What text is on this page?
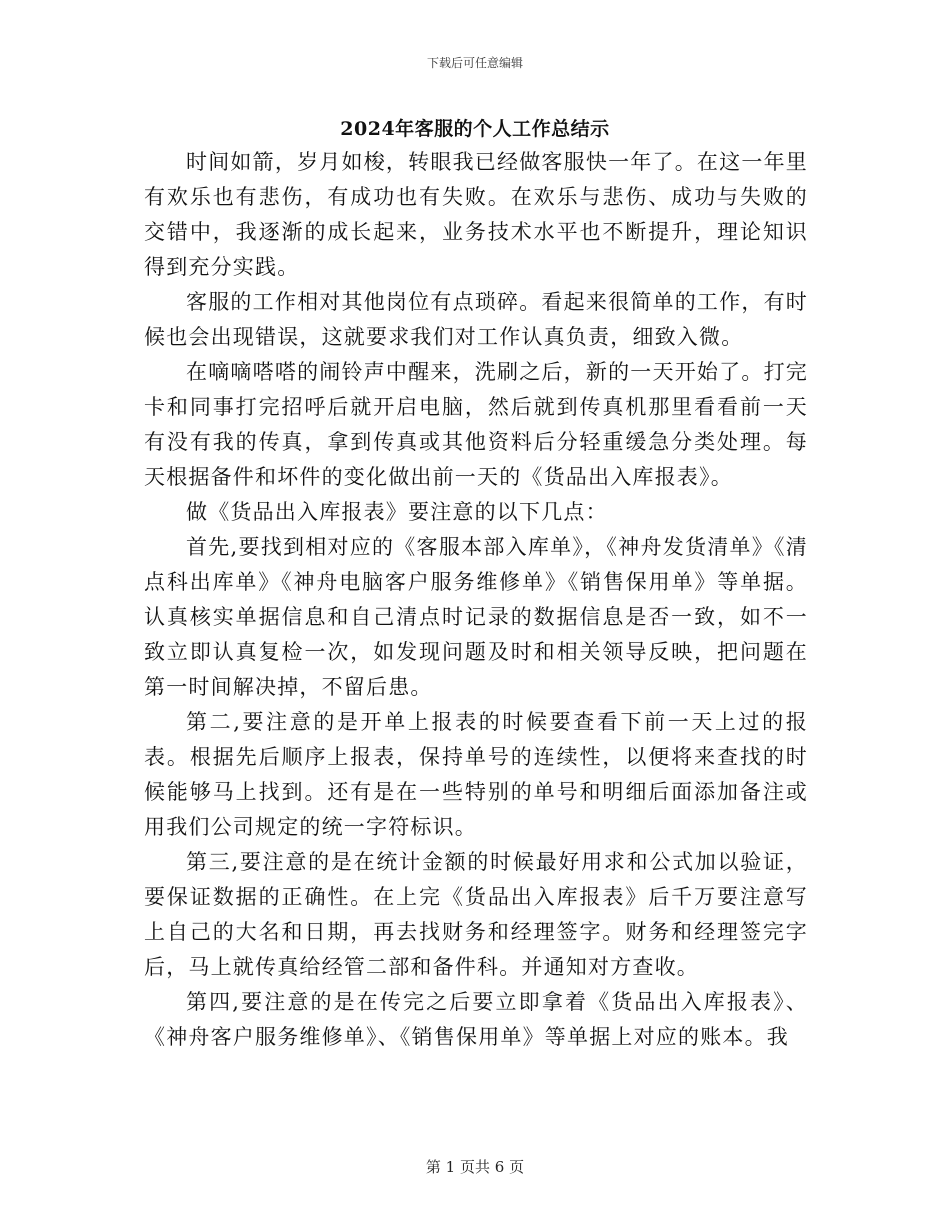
下载后可任意编辑
2024年客服的个人工作总结示

时间如箭，岁月如梭，转眼我已经做客服快一年了。在这一年里有欢乐也有悲伤，有成功也有失败。在欢乐与悲伤、成功与失败的交错中，我逐渐的成长起来，业务技术水平也不断提升，理论知识得到充分实践。

客服的工作相对其他岗位有点琐碎。看起来很简单的工作，有时候也会出现错误，这就要求我们对工作认真负责，细致入微。

在嘀嘀嗒嗒的闹铃声中醒来，洗刷之后，新的一天开始了。打完卡和同事打完招呼后就开启电脑，然后就到传真机那里看看前一天有没有我的传真，拿到传真或其他资料后分轻重缓急分类处理。每天根据备件和坏件的变化做出前一天的《货品出入库报表》。

做《货品出入库报表》要注意的以下几点：

首先,要找到相对应的《客服本部入库单》，《神舟发货清单》《清点科出库单》《神舟电脑客户服务维修单》《销售保用单》等单据。认真核实单据信息和自己清点时记录的数据信息是否一致，如不一致立即认真复检一次，如发现问题及时和相关领导反映，把问题在第一时间解决掉，不留后患。

第二,要注意的是开单上报表的时候要查看下前一天上过的报表。根据先后顺序上报表，保持单号的连续性，以便将来查找的时候能够马上找到。还有是在一些特别的单号和明细后面添加备注或用我们公司规定的统一字符标识。

第三,要注意的是在统计金额的时候最好用求和公式加以验证，要保证数据的正确性。在上完《货品出入库报表》后千万要注意写上自己的大名和日期，再去找财务和经理签字。财务和经理签完字后，马上就传真给经管二部和备件科。并通知对方查收。

第四,要注意的是在传完之后要立即拿着《货品出入库报表》、《神舟客户服务维修单》、《销售保用单》等单据上对应的账本。我

第 1 页共 6 页
